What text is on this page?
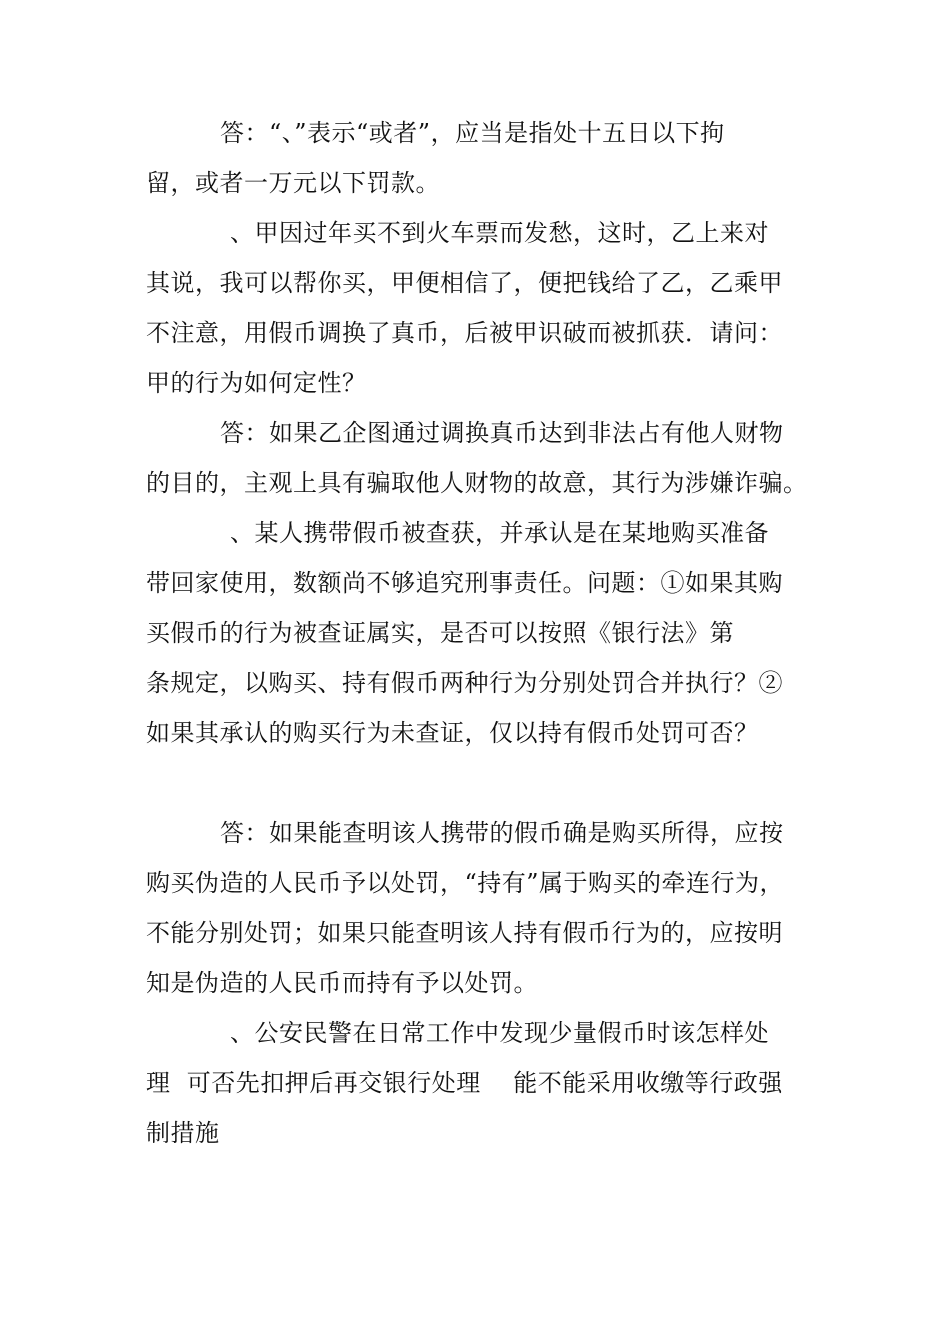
答：“、”表示“或者”，应当是指处十五日以下拘
留，或者一万元以下罚款。
、甲因过年买不到火车票而发愁，这时，乙上来对
其说，我可以帮你买，甲便相信了，便把钱给了乙，乙乘甲
不注意，用假币调换了真币，后被甲识破而被抓获．请问：
甲的行为如何定性？
答：如果乙企图通过调换真币达到非法占有他人财物
的目的，主观上具有骗取他人财物的故意，其行为涉嫌诈骗。
、某人携带假币被查获，并承认是在某地购买准备
带回家使用，数额尚不够追究刑事责任。问题：①如果其购
买假币的行为被查证属实，是否可以按照《银行法》第
条规定，以购买、持有假币两种行为分别处罚合并执行？②
如果其承认的购买行为未查证，仅以持有假币处罚可否？
答：如果能查明该人携带的假币确是购买所得，应按
购买伪造的人民币予以处罚，“持有”属于购买的牵连行为，
不能分别处罚；如果只能查明该人持有假币行为的，应按明
知是伪造的人民币而持有予以处罚。
、公安民警在日常工作中发现少量假币时该怎样处
理  可否先扣押后再交银行处理    能不能采用收缴等行政强
制措施
